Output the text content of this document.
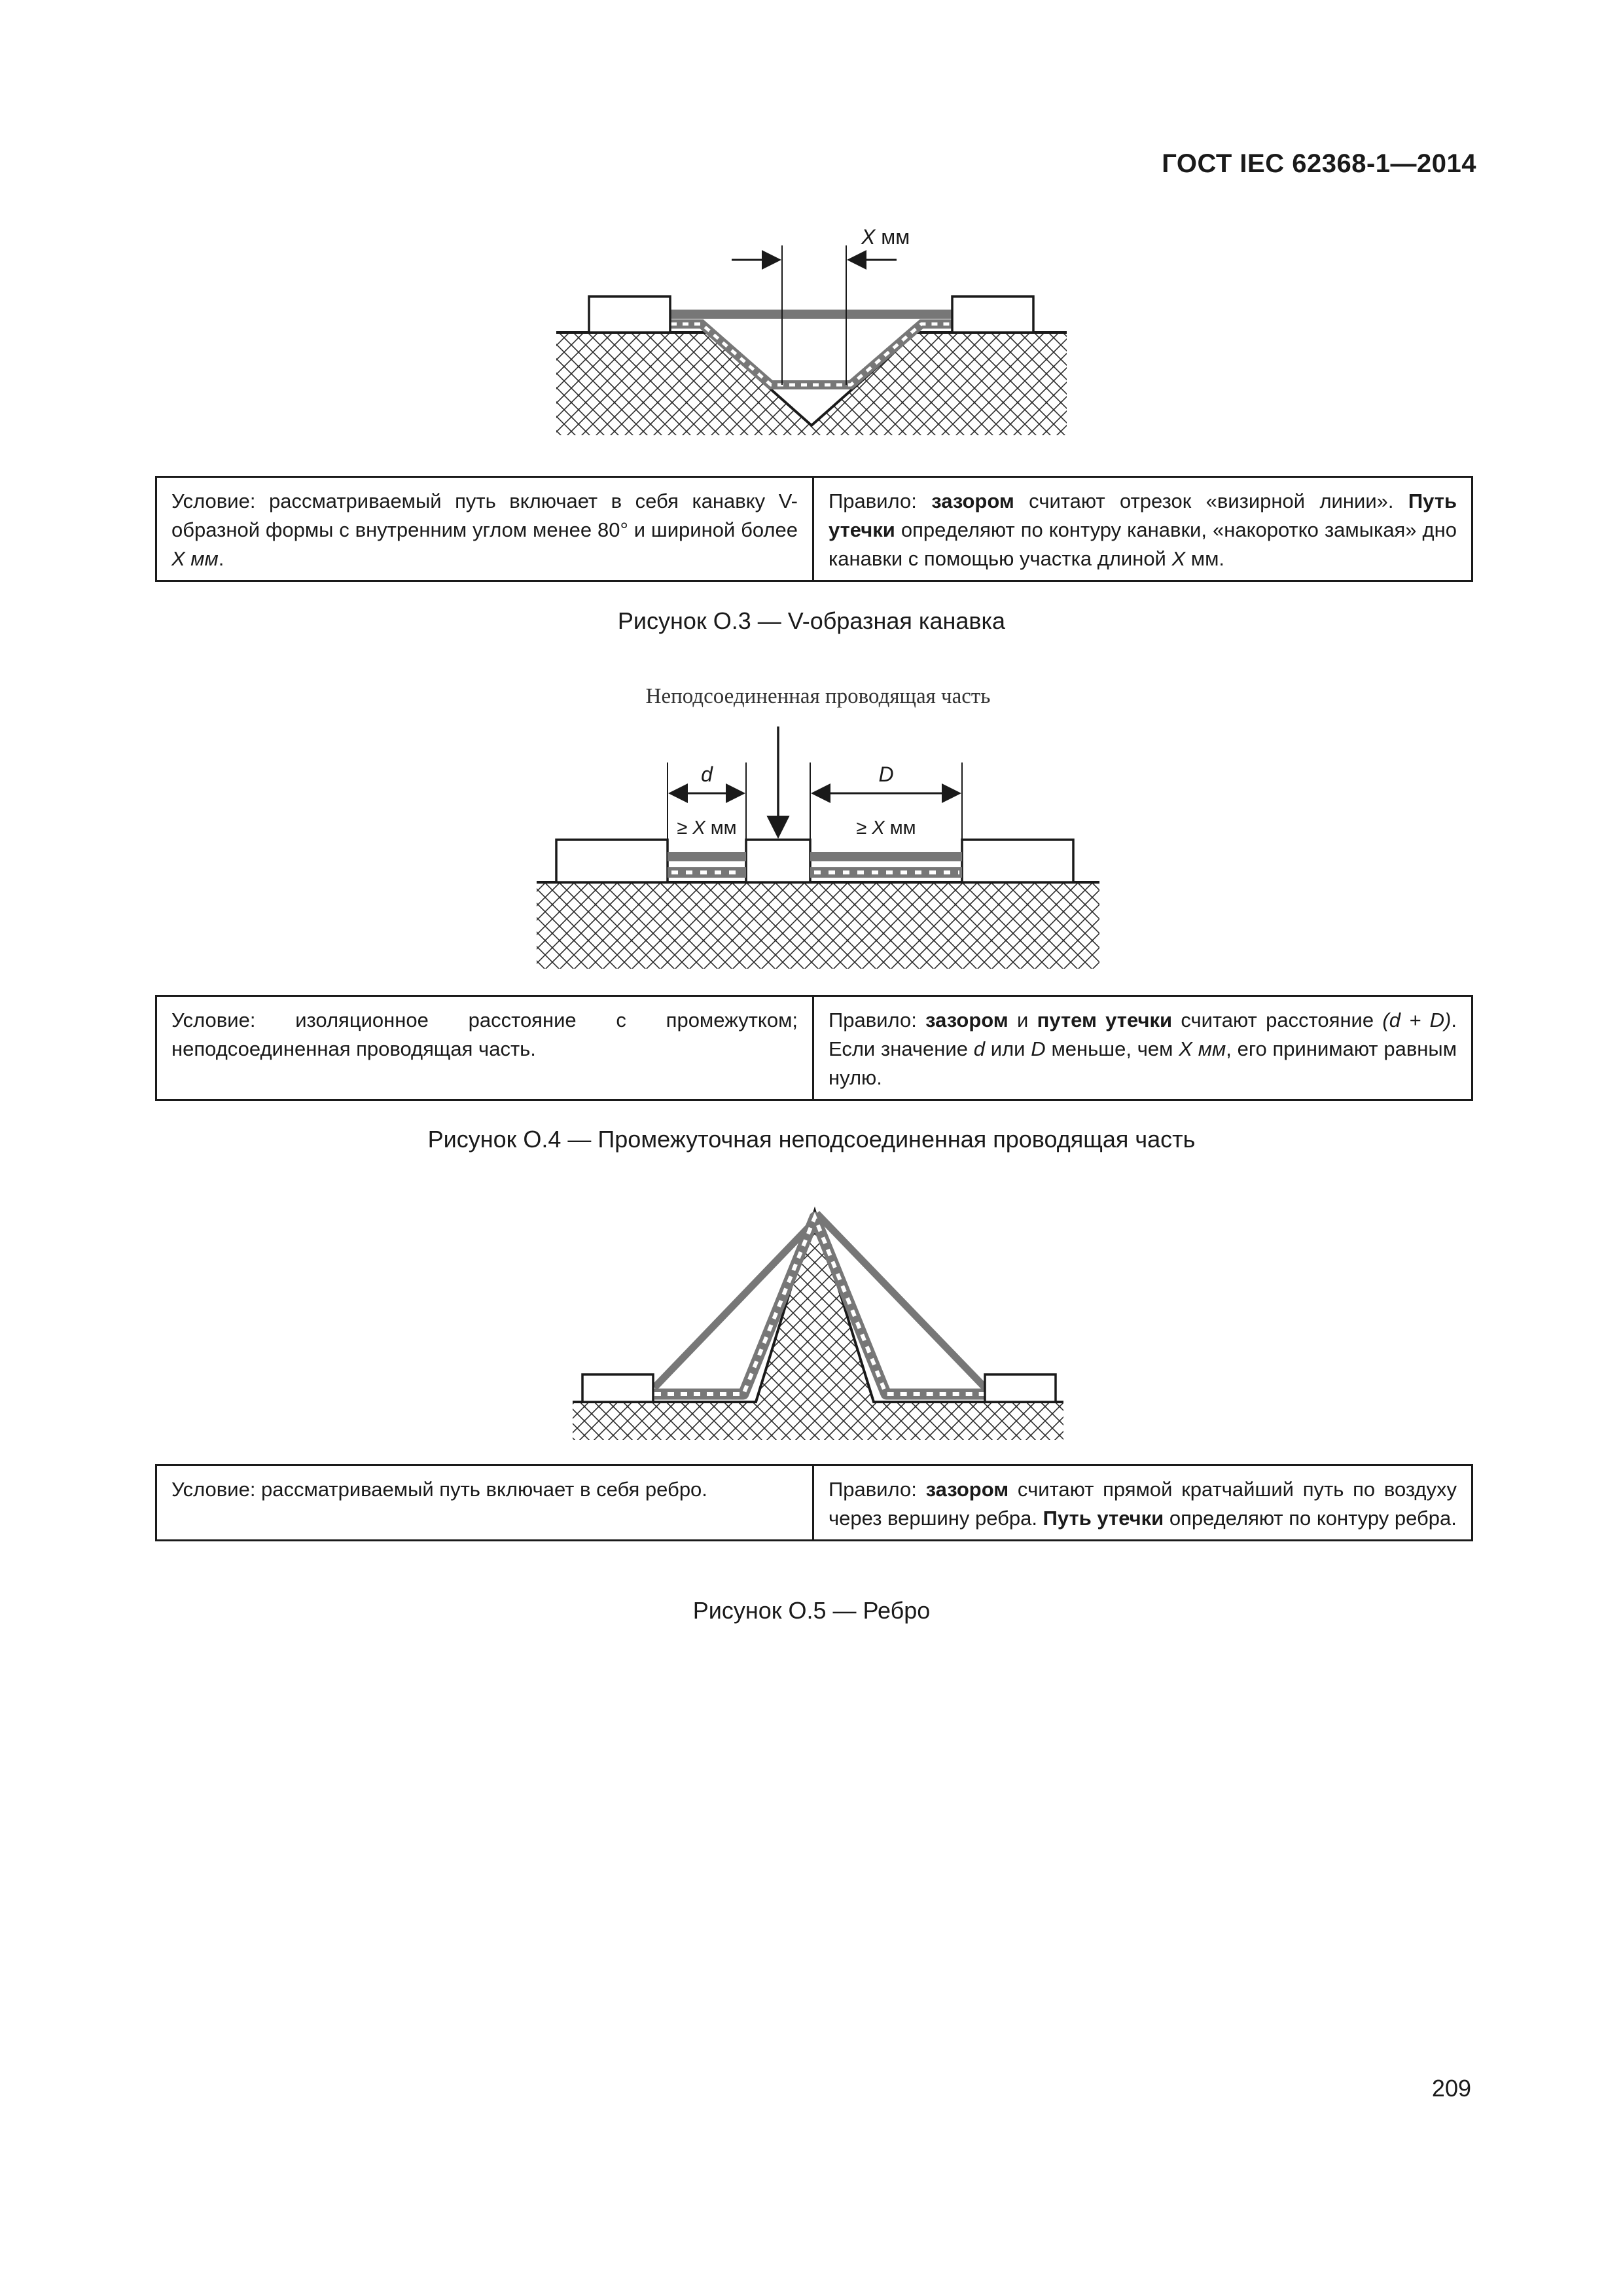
ГОСТ IEC 62368-1—2014
X мм
Условие: рассматриваемый путь включает в себя канавку V-образной формы с внутренним углом менее 80° и шириной более X мм.
Правило: зазором считают отрезок «визирной линии». Путь утечки определяют по контуру канавки, «накоротко замыкая» дно канавки с помощью участка длиной X мм.
Рисунок О.3 — V-образная канавка
Неподсоединенная проводящая часть
d	D
≥ X мм	≥ X мм
Условие: изоляционное расстояние с промежутком; неподсоединенная проводящая часть.
Правило: зазором и путем утечки считают расстояние (d + D). Если значение d или D меньше, чем X мм, его принимают равным нулю.
Рисунок О.4 — Промежуточная неподсоединенная проводящая часть
Условие: рассматриваемый путь включает в себя ребро.	Правило: зазором считают прямой кратчайший путь по воздуху через вершину ребра. Путь утечки определяют по контуру ребра.
Рисунок О.5 — Ребро
209
